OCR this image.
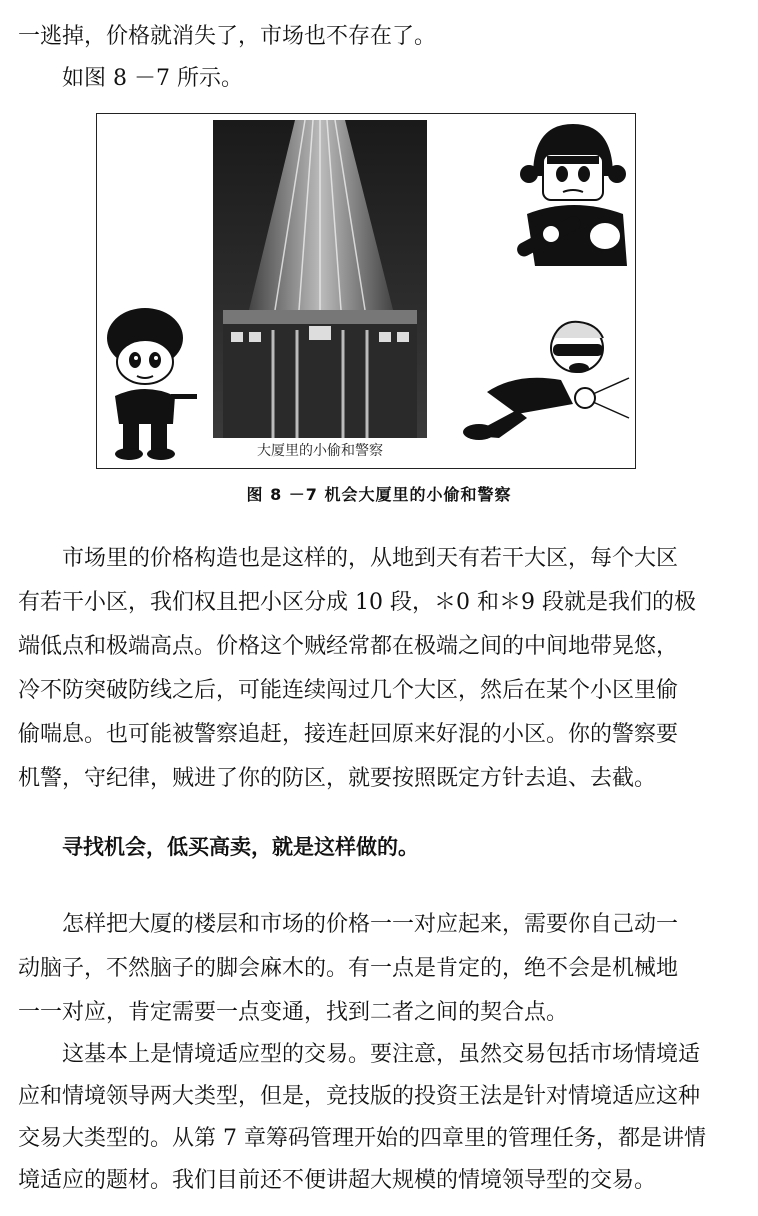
一逃掉，价格就消失了，市场也不存在了。

如图 8 －7 所示。

大厦里的小偷和警察
图 8 －7 机会大厦里的小偷和警察

市场里的价格构造也是这样的，从地到天有若干大区，每个大区

有若干小区，我们权且把小区分成 10 段，＊0 和＊9 段就是我们的极

端低点和极端高点。价格这个贼经常都在极端之间的中间地带晃悠，

冷不防突破防线之后，可能连续闯过几个大区，然后在某个小区里偷

偷喘息。也可能被警察追赶，接连赶回原来好混的小区。你的警察要

机警，守纪律，贼进了你的防区，就要按照既定方针去追、去截。

寻找机会，低买高卖，就是这样做的。

怎样把大厦的楼层和市场的价格一一对应起来，需要你自己动一

动脑子，不然脑子的脚会麻木的。有一点是肯定的，绝不会是机械地

一一对应，肯定需要一点变通，找到二者之间的契合点。

这基本上是情境适应型的交易。要注意，虽然交易包括市场情境适

应和情境领导两大类型，但是，竞技版的投资王法是针对情境适应这种

交易大类型的。从第 7 章筹码管理开始的四章里的管理任务，都是讲情

境适应的题材。我们目前还不便讲超大规模的情境领导型的交易。
